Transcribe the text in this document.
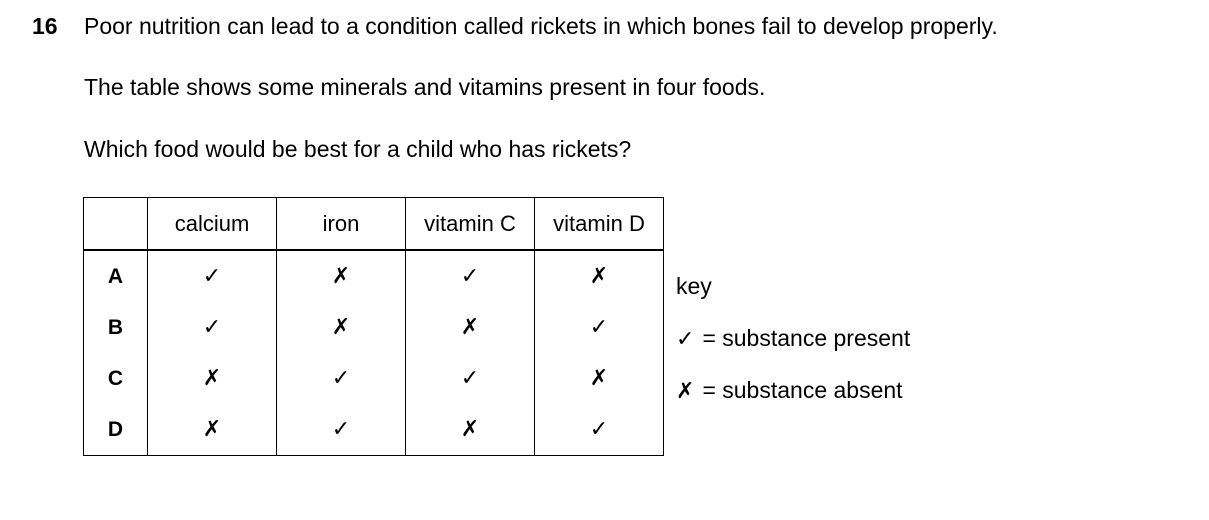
16 Poor nutrition can lead to a condition called rickets in which bones fail to develop properly.
The table shows some minerals and vitamins present in four foods.
Which food would be best for a child who has rickets?
	calcium	iron	vitamin C	vitamin D
A	✓	✗	✓	✗
B	✓	✗	✗	✓
C	✗	✓	✓	✗
D	✗	✓	✗	✓
key
✓ = substance present
✗ = substance absent
